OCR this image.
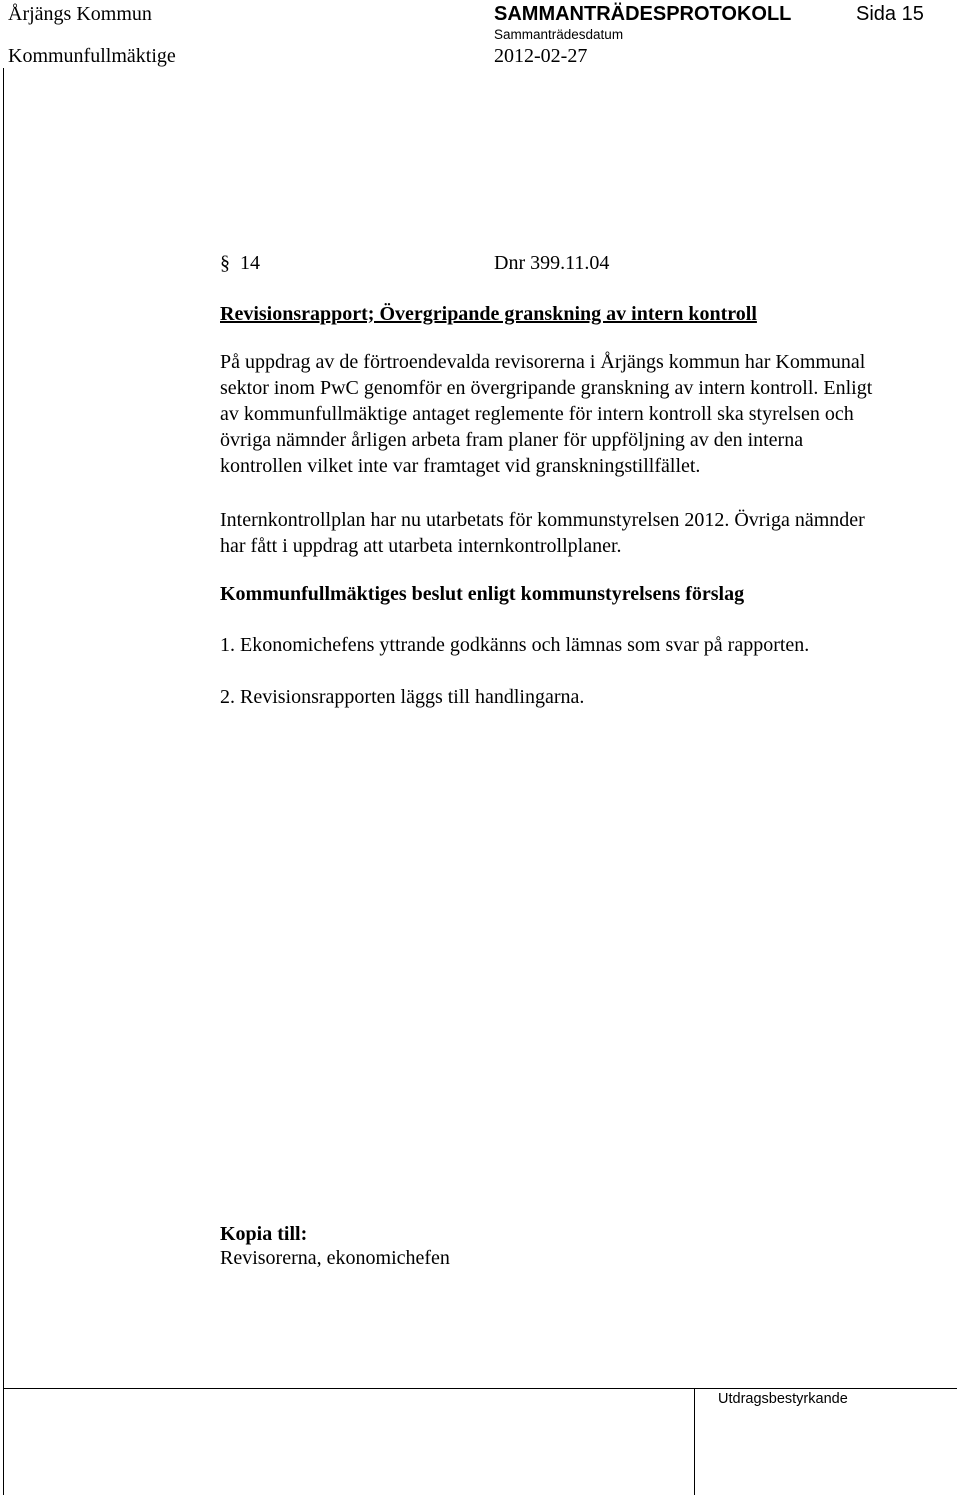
Årjängs Kommun	SAMMANTRÄDESPROTOKOLL	Sida 15
Kommunfullmäktige
Sammanträdesdatum
2012-02-27
§ 14	Dnr 399.11.04
Revisionsrapport; Övergripande granskning av intern kontroll
På uppdrag av de förtroendevalda revisorerna i Årjängs kommun har Kommunal
sektor inom PwC genomför en övergripande granskning av intern kontroll. Enligt
av kommunfullmäktige antaget reglemente för intern kontroll ska styrelsen och
övriga nämnder årligen arbeta fram planer för uppföljning av den interna
kontrollen vilket inte var framtaget vid granskningstillfället.
Internkontrollplan har nu utarbetats för kommunstyrelsen 2012. Övriga nämnder
har fått i uppdrag att utarbeta internkontrollplaner.
Kommunfullmäktiges beslut enligt kommunstyrelsens förslag
1. Ekonomichefens yttrande godkänns och lämnas som svar på rapporten.
2. Revisionsrapporten läggs till handlingarna.
Kopia till:
Revisorerna, ekonomichefen
Utdragsbestyrkande
